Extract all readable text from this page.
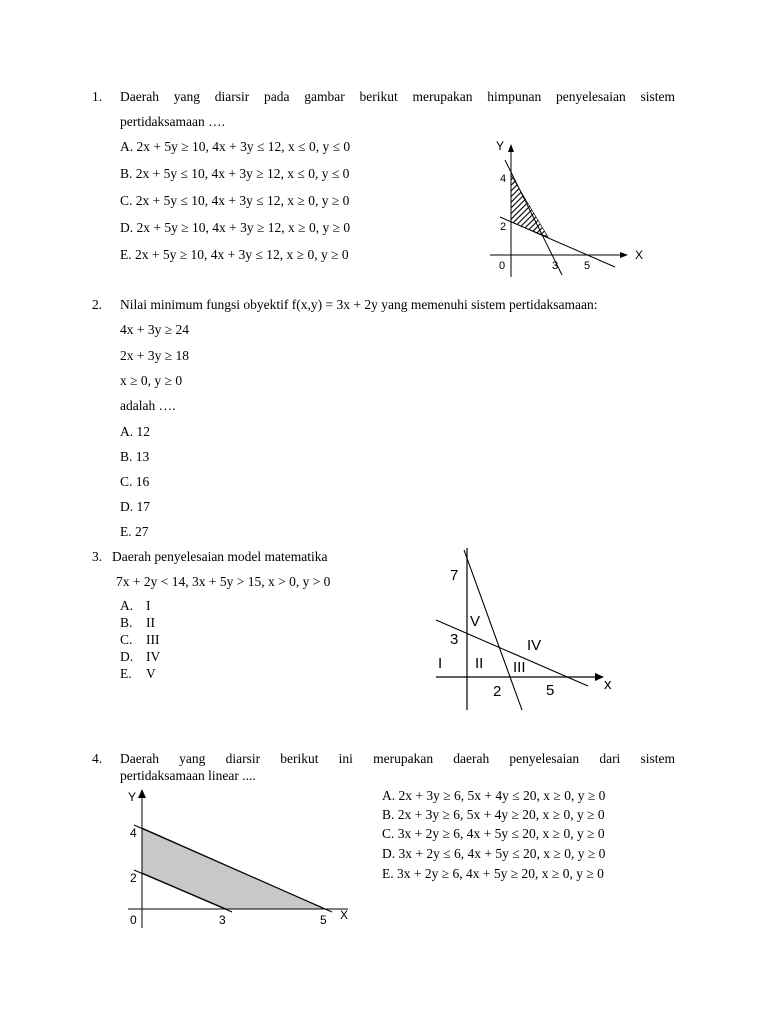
1. Daerah yang diarsir pada gambar berikut merupakan himpunan penyelesaian sistem
pertidaksamaan ….
A. 2x + 5y ≥ 10, 4x + 3y ≤ 12, x ≤ 0, y ≤ 0
B. 2x + 5y ≤ 10, 4x + 3y ≥ 12, x ≤ 0, y ≤ 0
C. 2x + 5y ≤ 10, 4x + 3y ≤ 12, x ≥ 0, y ≥ 0
D. 2x + 5y ≥ 10, 4x + 3y ≥ 12, x ≥ 0, y ≥ 0
E. 2x + 5y ≥ 10, 4x + 3y ≤ 12, x ≥ 0, y ≥ 0
Y
X
4
2
0	3 5
2. Nilai minimum fungsi obyektif f(x,y) = 3x + 2y yang memenuhi sistem pertidaksamaan:
4x + 3y ≥ 24
2x + 3y ≥ 18
x ≥ 0, y ≥ 0
adalah ….
A. 12
B. 13
C. 16
D. 17
E. 27
3. Daerah penyelesaian model matematika
7x + 2y < 14, 3x + 5y > 15, x > 0, y > 0
A. I
B. II
C. III
D. IV
E. V
7
3
2	5	x
I II III
IV
V
4. Daerah yang diarsir berikut ini merupakan daerah penyelesaian dari sistem
pertidaksamaan linear ....
A. 2x + 3y ≥ 6, 5x + 4y ≤ 20, x ≥ 0, y ≥ 0
B. 2x + 3y ≥ 6, 5x + 4y ≥ 20, x ≥ 0, y ≥ 0
C. 3x + 2y ≥ 6, 4x + 5y ≤ 20, x ≥ 0, y ≥ 0
D. 3x + 2y ≤ 6, 4x + 5y ≤ 20, x ≥ 0, y ≥ 0
E. 3x + 2y ≥ 6, 4x + 5y ≥ 20, x ≥ 0, y ≥ 0
Y
X
4
2
0	3	5
